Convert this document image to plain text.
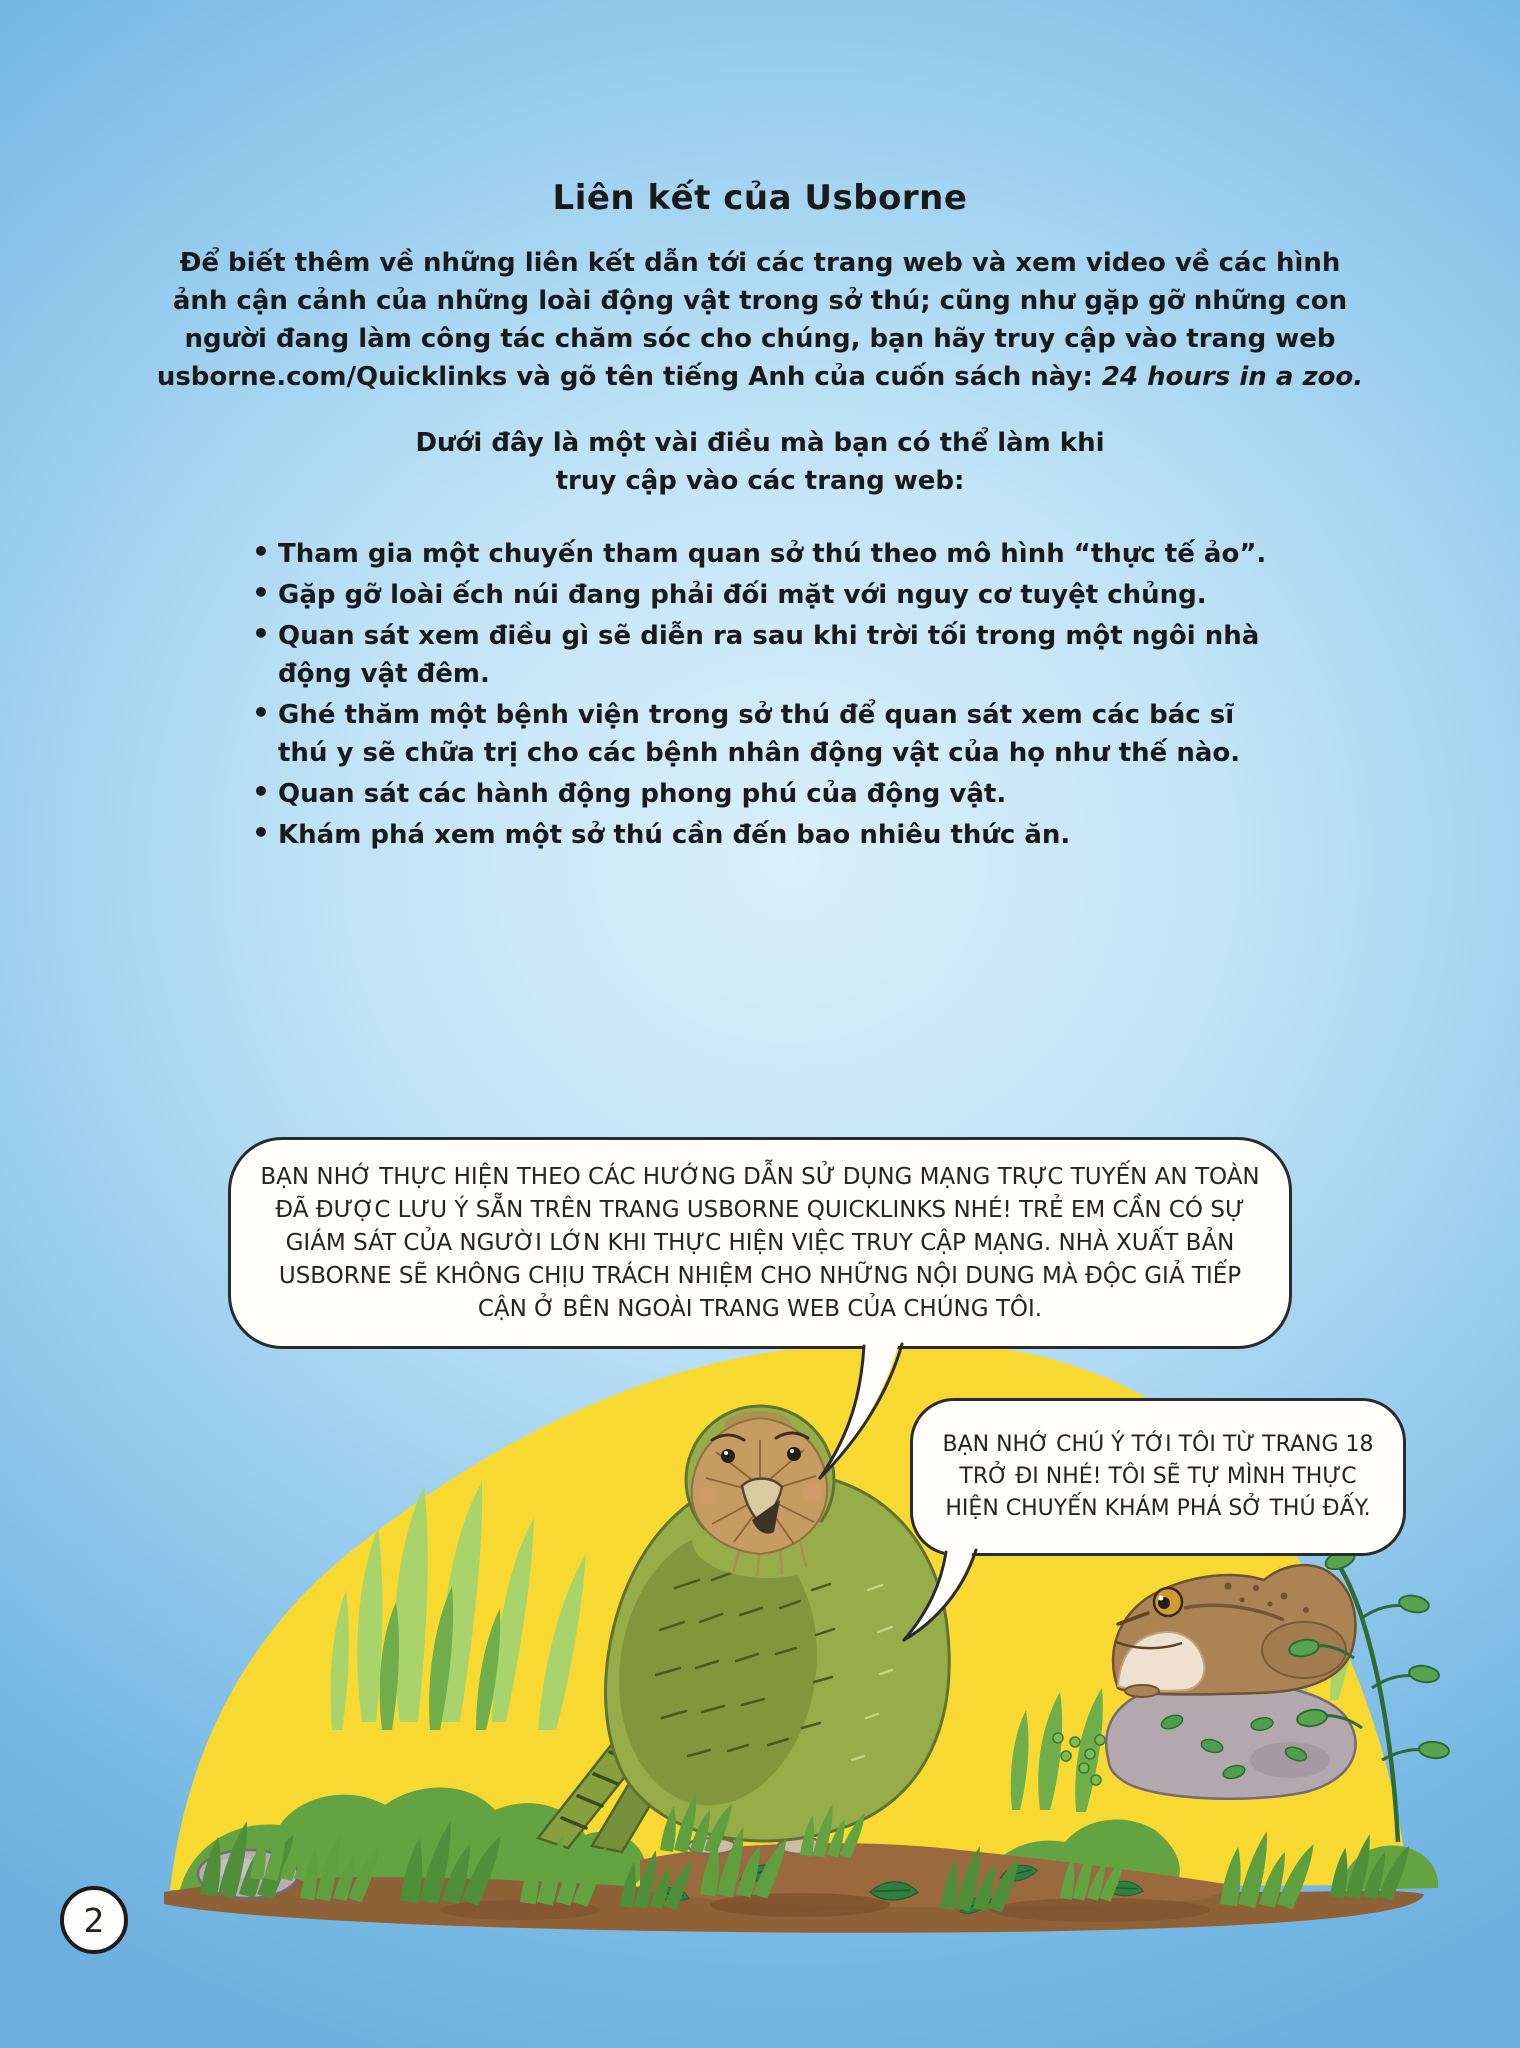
Liên kết của Usborne
Để biết thêm về những liên kết dẫn tới các trang web và xem video về các hình ảnh cận cảnh của những loài động vật trong sở thú; cũng như gặp gỡ những con người đang làm công tác chăm sóc cho chúng, bạn hãy truy cập vào trang web usborne.com/Quicklinks và gõ tên tiếng Anh của cuốn sách này: 24 hours in a zoo.
Dưới đây là một vài điều mà bạn có thể làm khi
truy cập vào các trang web:
• Tham gia một chuyến tham quan sở thú theo mô hình “thực tế ảo”.
• Gặp gỡ loài ếch núi đang phải đối mặt với nguy cơ tuyệt chủng.
• Quan sát xem điều gì sẽ diễn ra sau khi trời tối trong một ngôi nhà động vật đêm.
• Ghé thăm một bệnh viện trong sở thú để quan sát xem các bác sĩ thú y sẽ chữa trị cho các bệnh nhân động vật của họ như thế nào.
• Quan sát các hành động phong phú của động vật.
• Khám phá xem một sở thú cần đến bao nhiêu thức ăn.
BẠN NHỚ THỰC HIỆN THEO CÁC HƯỚNG DẪN SỬ DỤNG MẠNG TRỰC TUYẾN AN TOÀN ĐÃ ĐƯỢC LƯU Ý SẴN TRÊN TRANG USBORNE QUICKLINKS NHÉ! TRẺ EM CẦN CÓ SỰ GIÁM SÁT CỦA NGƯỜI LỚN KHI THỰC HIỆN VIỆC TRUY CẬP MẠNG. NHÀ XUẤT BẢN USBORNE SẼ KHÔNG CHỊU TRÁCH NHIỆM CHO NHỮNG NỘI DUNG MÀ ĐỘC GIẢ TIẾP CẬN Ở BÊN NGOÀI TRANG WEB CỦA CHÚNG TÔI.
BẠN NHỚ CHÚ Ý TỚI TÔI TỪ TRANG 18 TRỞ ĐI NHÉ! TÔI SẼ TỰ MÌNH THỰC HIỆN CHUYẾN KHÁM PHÁ SỞ THÚ ĐẤY.
2
